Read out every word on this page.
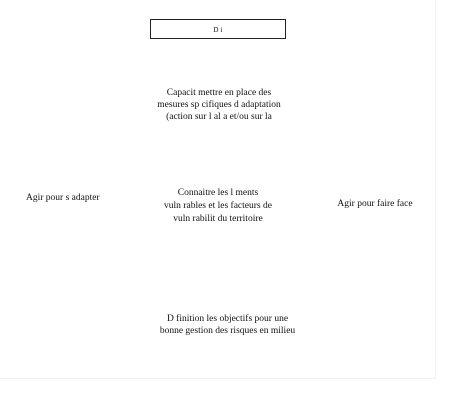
D i
Capacit mettre en place des
mesures sp cifiques d adaptation
(action sur l al a et/ou sur la
Agir pour s adapter	Connaitre les l ments
vuln rables et les facteurs de
vuln rabilit du territoire
Agir pour faire face
D finition les objectifs pour une
bonne gestion des risques en milieu
